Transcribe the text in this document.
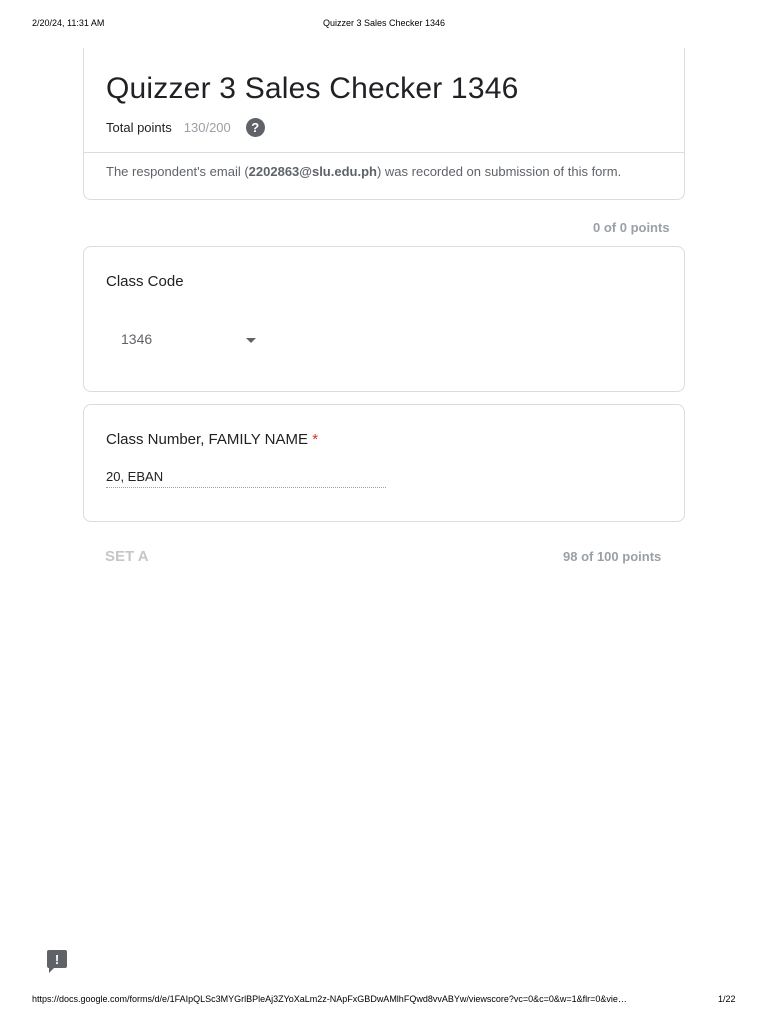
2/20/24, 11:31 AM	Quizzer 3 Sales Checker 1346
Quizzer 3 Sales Checker 1346
Total points 130/200	?
The respondent's email (2202863@slu.edu.ph) was recorded on submission of this form.
0 of 0 points
Class Code
1346
Class Number, FAMILY NAME *
20, EBAN
SET A	98 of 100 points
!
https://docs.google.com/forms/d/e/1FAIpQLSc3MYGrlBPleAj3ZYoXaLm2z-NApFxGBDwAMlhFQwd8vvABYw/viewscore?vc=0&c=0&w=1&flr=0&vie…	1/22
